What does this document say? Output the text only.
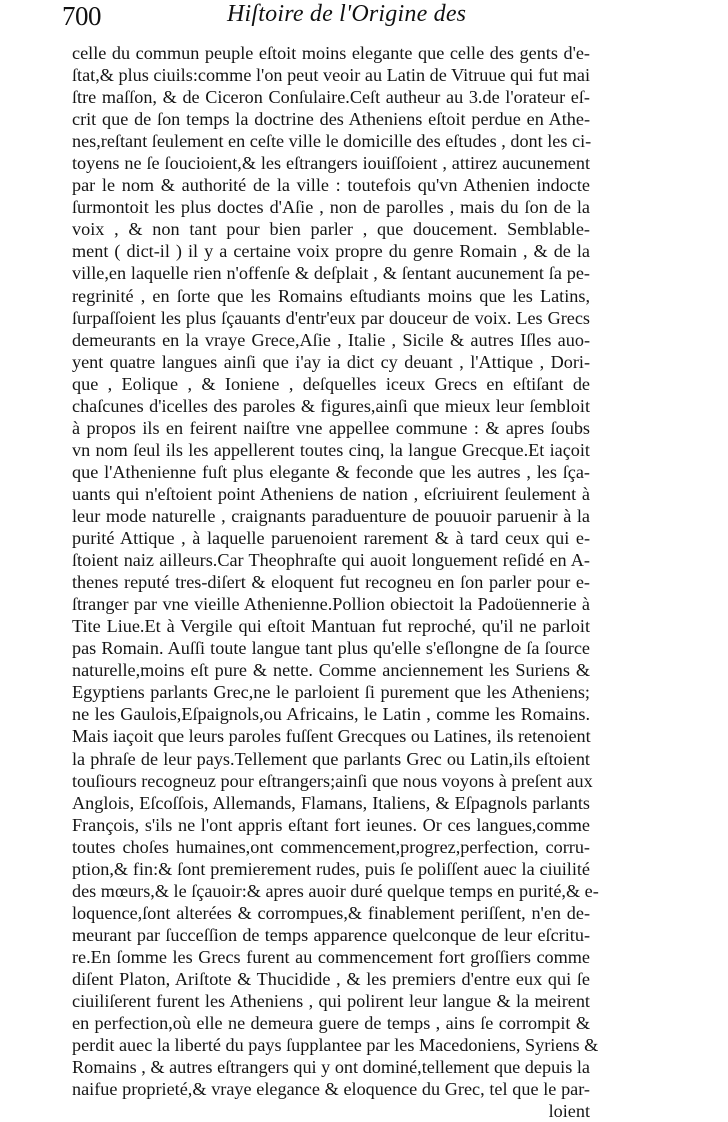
700	Hiſtoire de l'Origine des
celle du commun peuple eſtoit moins elegante que celle des gents d'e-
ſtat,& plus ciuils:comme l'on peut veoir au Latin de Vitruue qui fut mai
ſtre maſſon, & de Ciceron Conſulaire.Ceſt autheur au 3.de l'orateur eſ-
crit que de ſon temps la doctrine des Atheniens eſtoit perdue en Athe-
nes,reſtant ſeulement en ceſte ville le domicille des eſtudes , dont les ci-
toyens ne ſe ſoucioient,& les eſtrangers iouiſſoient , attirez aucunement
par le nom & authorité de la ville : toutefois qu'vn Athenien indocte
ſurmontoit les plus doctes d'Aſie , non de parolles , mais du ſon de la
voix , & non tant pour bien parler , que doucement. Semblable-
ment ( dict-il ) il y a certaine voix propre du genre Romain , & de la
ville,en laquelle rien n'offenſe & deſplait , & ſentant aucunement ſa pe-
regrinité , en ſorte que les Romains eſtudiants moins que les Latins,
ſurpaſſoient les plus ſçauants d'entr'eux par douceur de voix. Les Grecs
demeurants en la vraye Grece,Aſie , Italie , Sicile & autres Iſles auo-
yent quatre langues ainſi que i'ay ia dict cy deuant , l'Attique , Dori-
que , Eolique , & Ioniene , deſquelles iceux Grecs en eſtiſant de
chaſcunes d'icelles des paroles & figures,ainſi que mieux leur ſembloit
à propos ils en feirent naiſtre vne appellee commune : & apres ſoubs
vn nom ſeul ils les appellerent toutes cinq, la langue Grecque.Et iaçoit
que l'Athenienne fuſt plus elegante & feconde que les autres , les ſça-
uants qui n'eſtoient point Atheniens de nation , eſcriuirent ſeulement à
leur mode naturelle , craignants paraduenture de pouuoir paruenir à la
purité Attique , à laquelle paruenoient rarement & à tard ceux qui e-
ſtoient naiz ailleurs.Car Theophraſte qui auoit longuement reſidé en A-
thenes reputé tres-diſert & eloquent fut recogneu en ſon parler pour e-
ſtranger par vne vieille Athenienne.Pollion obiectoit la Padoüennerie à
Tite Liue.Et à Vergile qui eſtoit Mantuan fut reproché, qu'il ne parloit
pas Romain. Auſſi toute langue tant plus qu'elle s'eſlongne de ſa ſource
naturelle,moins eſt pure & nette. Comme anciennement les Suriens &
Egyptiens parlants Grec,ne le parloient ſi purement que les Atheniens;
ne les Gaulois,Eſpaignols,ou Africains, le Latin , comme les Romains.
Mais iaçoit que leurs paroles fuſſent Grecques ou Latines, ils retenoient
la phraſe de leur pays.Tellement que parlants Grec ou Latin,ils eſtoient
touſiours recogneuz pour eſtrangers;ainſi que nous voyons à preſent aux
Anglois, Eſcoſſois, Allemands, Flamans, Italiens, & Eſpagnols parlants
François, s'ils ne l'ont appris eſtant fort ieunes. Or ces langues,comme
toutes choſes humaines,ont commencement,progrez,perfection, corru-
ption,& fin:& ſont premierement rudes, puis ſe poliſſent auec la ciuilité
des mœurs,& le ſçauoir:& apres auoir duré quelque temps en purité,& e-
loquence,ſont alterées & corrompues,& finablement periſſent, n'en de-
meurant par ſucceſſion de temps apparence quelconque de leur eſcritu-
re.En ſomme les Grecs furent au commencement fort groſſiers comme
diſent Platon, Ariſtote & Thucidide , & les premiers d'entre eux qui ſe
ciuiliſerent furent les Atheniens , qui polirent leur langue & la meirent
en perfection,où elle ne demeura guere de temps , ains ſe corrompit &
perdit auec la liberté du pays ſupplantee par les Macedoniens, Syriens &
Romains , & autres eſtrangers qui y ont dominé,tellement que depuis la
naifue proprieté,& vraye elegance & eloquence du Grec, tel que le par-
loient
